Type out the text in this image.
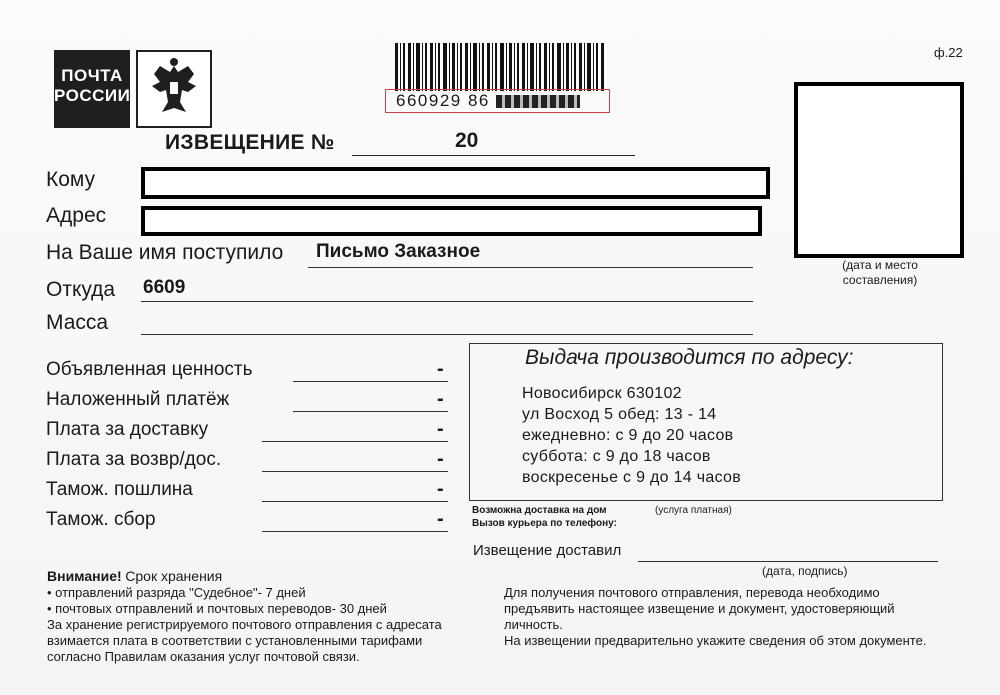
ПОЧТА
РОССИИ	660929 86
ф.22
ИЗВЕЩЕНИЕ №	20
(дата и место составления)
Кому
Адрес
На Ваше имя поступило Письмо Заказное
Откуда 6609
Масса
Объявленная ценность	-
Наложенный платёж	-
Плата за доставку	-
Плата за возвр/дос.	-
Тамож. пошлина	-
Тамож. сбор	-
Выдача производится по адресу:
Новосибирск 630102
ул Восход 5 обед: 13 - 14
ежедневно: с 9 до 20 часов
суббота: с 9 до 18 часов
воскресенье с 9 до 14 часов
Возможна доставка на дом	(услуга платная)
Вызов курьера по телефону:
Извещение доставил
(дата, подпись)
Внимание! Срок хранения
• отправлений разряда "Судебное"- 7 дней
• почтовых отправлений и почтовых переводов- 30 дней
За хранение регистрируемого почтового отправления с адресата взимается плата в соответствии с установленными тарифами согласно Правилам оказания услуг почтовой связи.
Для получения почтового отправления, перевода необходимо предъявить настоящее извещение и документ, удостоверяющий личность.
На извещении предварительно укажите сведения об этом документе.
